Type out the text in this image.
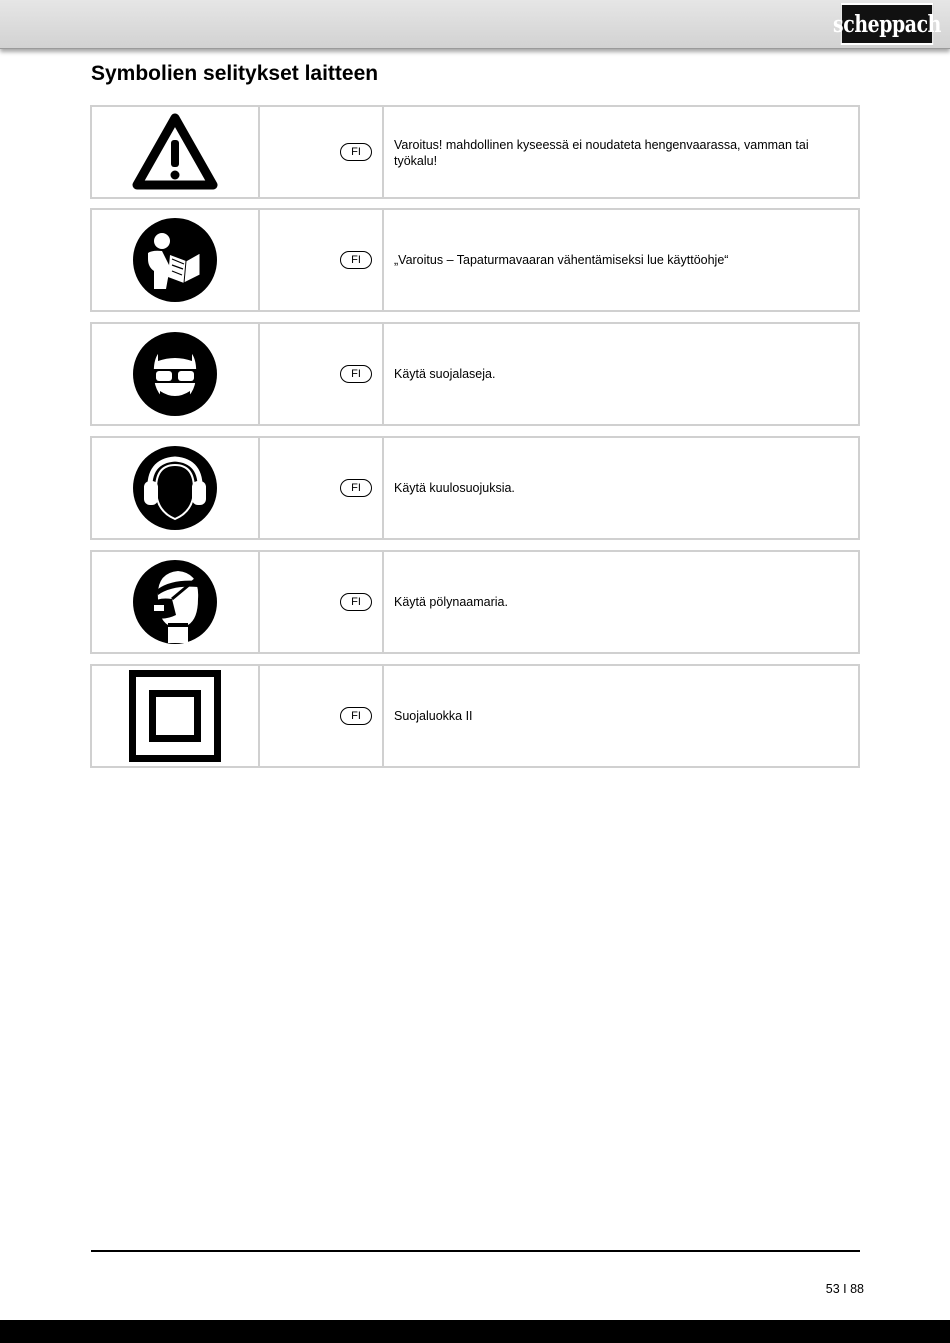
scheppach
Symbolien selitykset laitteen
FI	Varoitus! mahdollinen kyseessä ei noudateta hengenvaarassa, vamman tai työkalu!
FI	„Varoitus – Tapaturmavaaran vähentämiseksi lue käyttöohje“
FI	Käytä suojalaseja.
FI	Käytä kuulosuojuksia.
FI	Käytä pölynaamaria.
FI	Suojaluokka II
53 I 88
